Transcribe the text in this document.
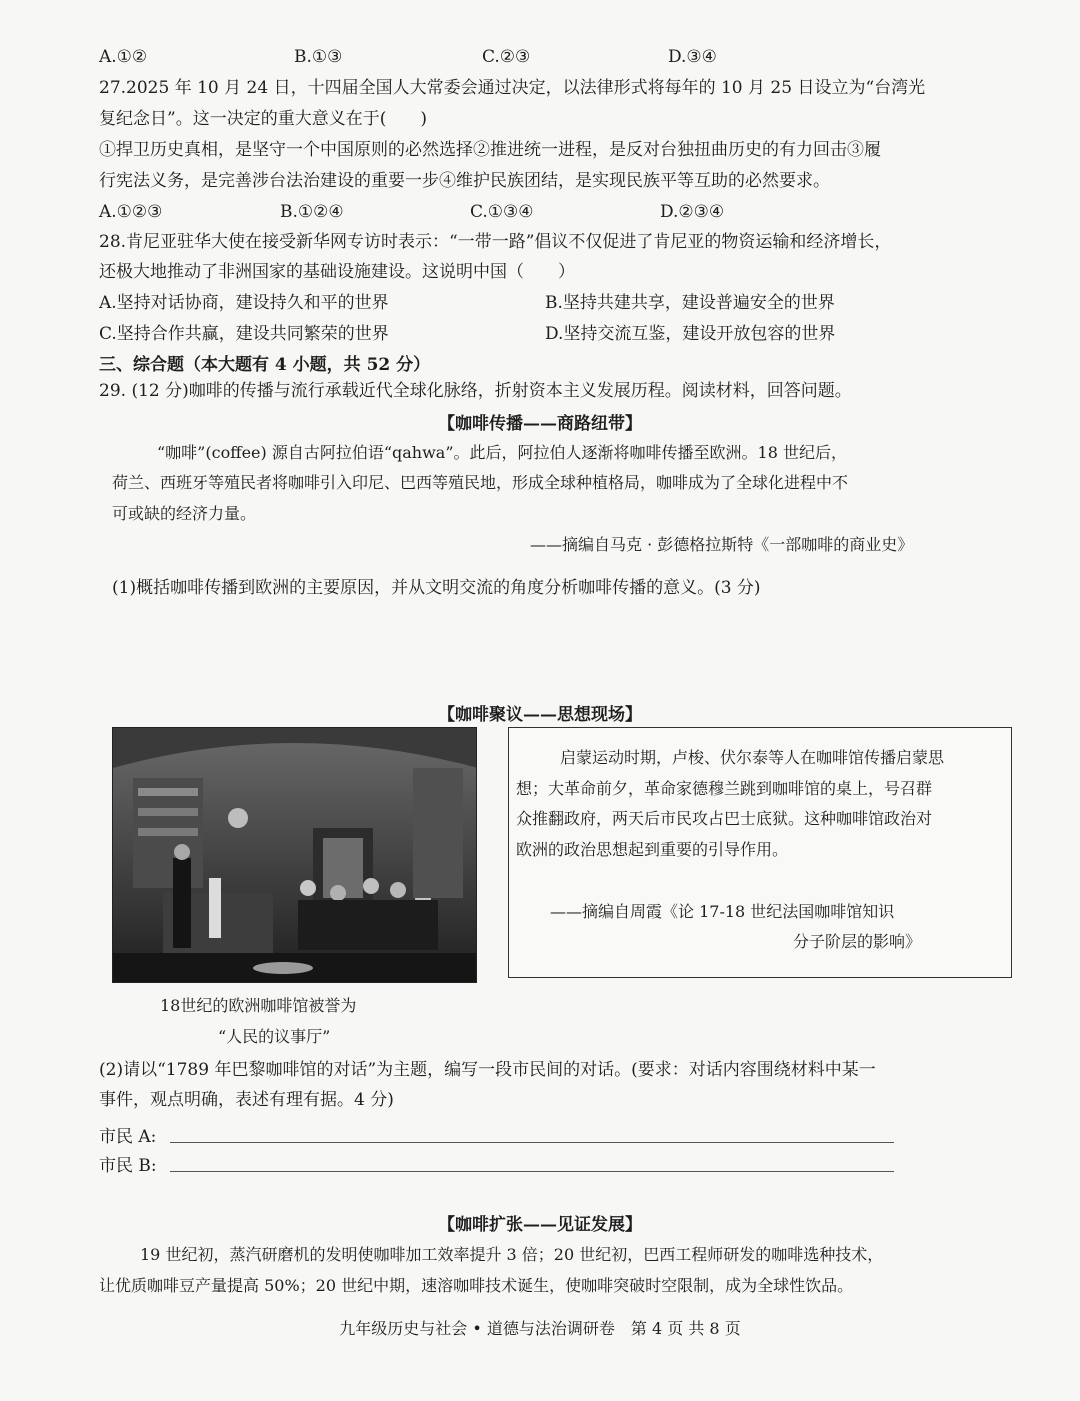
A.①②	B.①③	C.②③	D.③④
27.2025 年 10 月 24 日，十四届全国人大常委会通过决定，以法律形式将每年的 10 月 25 日设立为“台湾光
复纪念日”。这一决定的重大意义在于(　　)
①捍卫历史真相，是坚守一个中国原则的必然选择②推进统一进程，是反对台独扭曲历史的有力回击③履
行宪法义务，是完善涉台法治建设的重要一步④维护民族团结，是实现民族平等互助的必然要求。
A.①②③	B.①②④	C.①③④	D.②③④
28.肯尼亚驻华大使在接受新华网专访时表示：“一带一路”倡议不仅促进了肯尼亚的物资运输和经济增长，
还极大地推动了非洲国家的基础设施建设。这说明中国（　　）
A.坚持对话协商，建设持久和平的世界	B.坚持共建共享，建设普遍安全的世界
C.坚持合作共赢，建设共同繁荣的世界	D.坚持交流互鉴，建设开放包容的世界
三、综合题（本大题有 4 小题，共 52 分）
29. (12 分)咖啡的传播与流行承载近代全球化脉络，折射资本主义发展历程。阅读材料，回答问题。
【咖啡传播——商路纽带】
“咖啡”(coffee) 源自古阿拉伯语“qahwa”。此后，阿拉伯人逐渐将咖啡传播至欧洲。18 世纪后，
荷兰、西班牙等殖民者将咖啡引入印尼、巴西等殖民地，形成全球种植格局，咖啡成为了全球化进程中不
可或缺的经济力量。
——摘编自马克 · 彭德格拉斯特《一部咖啡的商业史》
(1)概括咖啡传播到欧洲的主要原因，并从文明交流的角度分析咖啡传播的意义。(3 分)
【咖啡聚议——思想现场】
18世纪的欧洲咖啡馆被誉为
“人民的议事厅”
启蒙运动时期，卢梭、伏尔泰等人在咖啡馆传播启蒙思
想；大革命前夕，革命家德穆兰跳到咖啡馆的桌上，号召群
众推翻政府，两天后市民攻占巴士底狱。这种咖啡馆政治对
欧洲的政治思想起到重要的引导作用。
——摘编自周霞《论 17-18 世纪法国咖啡馆知识
分子阶层的影响》
(2)请以“1789 年巴黎咖啡馆的对话”为主题，编写一段市民间的对话。(要求：对话内容围绕材料中某一
事件，观点明确，表述有理有据。4 分)
市民 A:
市民 B:
【咖啡扩张——见证发展】
19 世纪初，蒸汽研磨机的发明使咖啡加工效率提升 3 倍；20 世纪初，巴西工程师研发的咖啡选种技术，
让优质咖啡豆产量提高 50%；20 世纪中期，速溶咖啡技术诞生，使咖啡突破时空限制，成为全球性饮品。
九年级历史与社会 • 道德与法治调研卷　第 4 页 共 8 页
